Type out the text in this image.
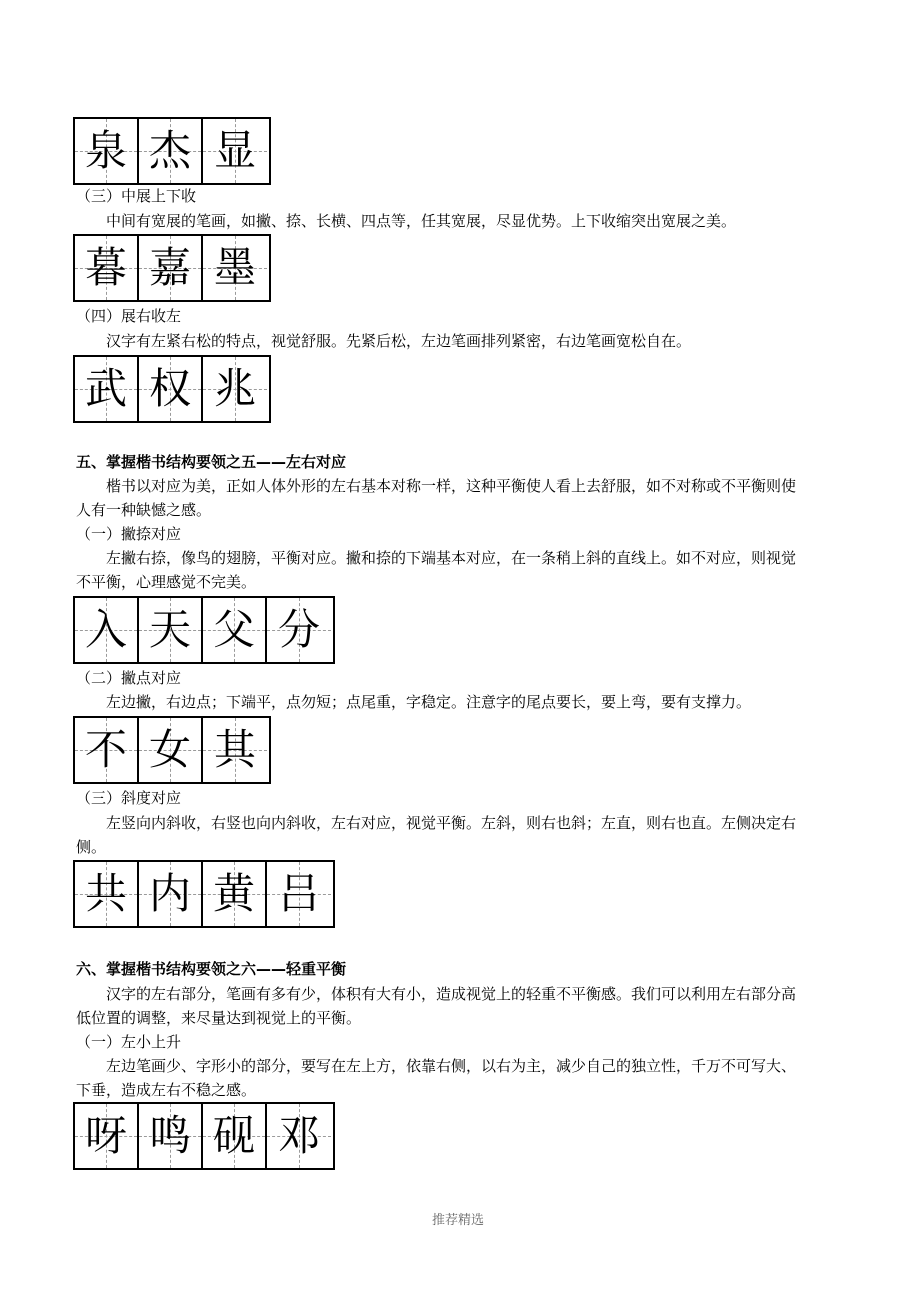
泉 杰 显
（三）中展上下收
中间有宽展的笔画，如撇、捺、长横、四点等，任其宽展，尽显优势。上下收缩突出宽展之美。
暮 嘉 墨
（四）展右收左
汉字有左紧右松的特点，视觉舒服。先紧后松，左边笔画排列紧密，右边笔画宽松自在。
武 权 兆
五、掌握楷书结构要领之五——左右对应
楷书以对应为美，正如人体外形的左右基本对称一样，这种平衡使人看上去舒服，如不对称或不平衡则使
人有一种缺憾之感。
（一）撇捺对应
左撇右捺，像鸟的翅膀，平衡对应。撇和捺的下端基本对应，在一条稍上斜的直线上。如不对应，则视觉
不平衡，心理感觉不完美。
入 天 父 分
（二）撇点对应
左边撇，右边点；下端平，点勿短；点尾重，字稳定。注意字的尾点要长，要上弯，要有支撑力。
不 女 其
（三）斜度对应
左竖向内斜收，右竖也向内斜收，左右对应，视觉平衡。左斜，则右也斜；左直，则右也直。左侧决定右
侧。
共 内 黄 吕
六、掌握楷书结构要领之六——轻重平衡
汉字的左右部分，笔画有多有少，体积有大有小，造成视觉上的轻重不平衡感。我们可以利用左右部分高
低位置的调整，来尽量达到视觉上的平衡。
（一）左小上升
左边笔画少、字形小的部分，要写在左上方，依靠右侧，以右为主，减少自己的独立性，千万不可写大、
下垂，造成左右不稳之感。
呀 鸣 砚 邓
推荐精选
